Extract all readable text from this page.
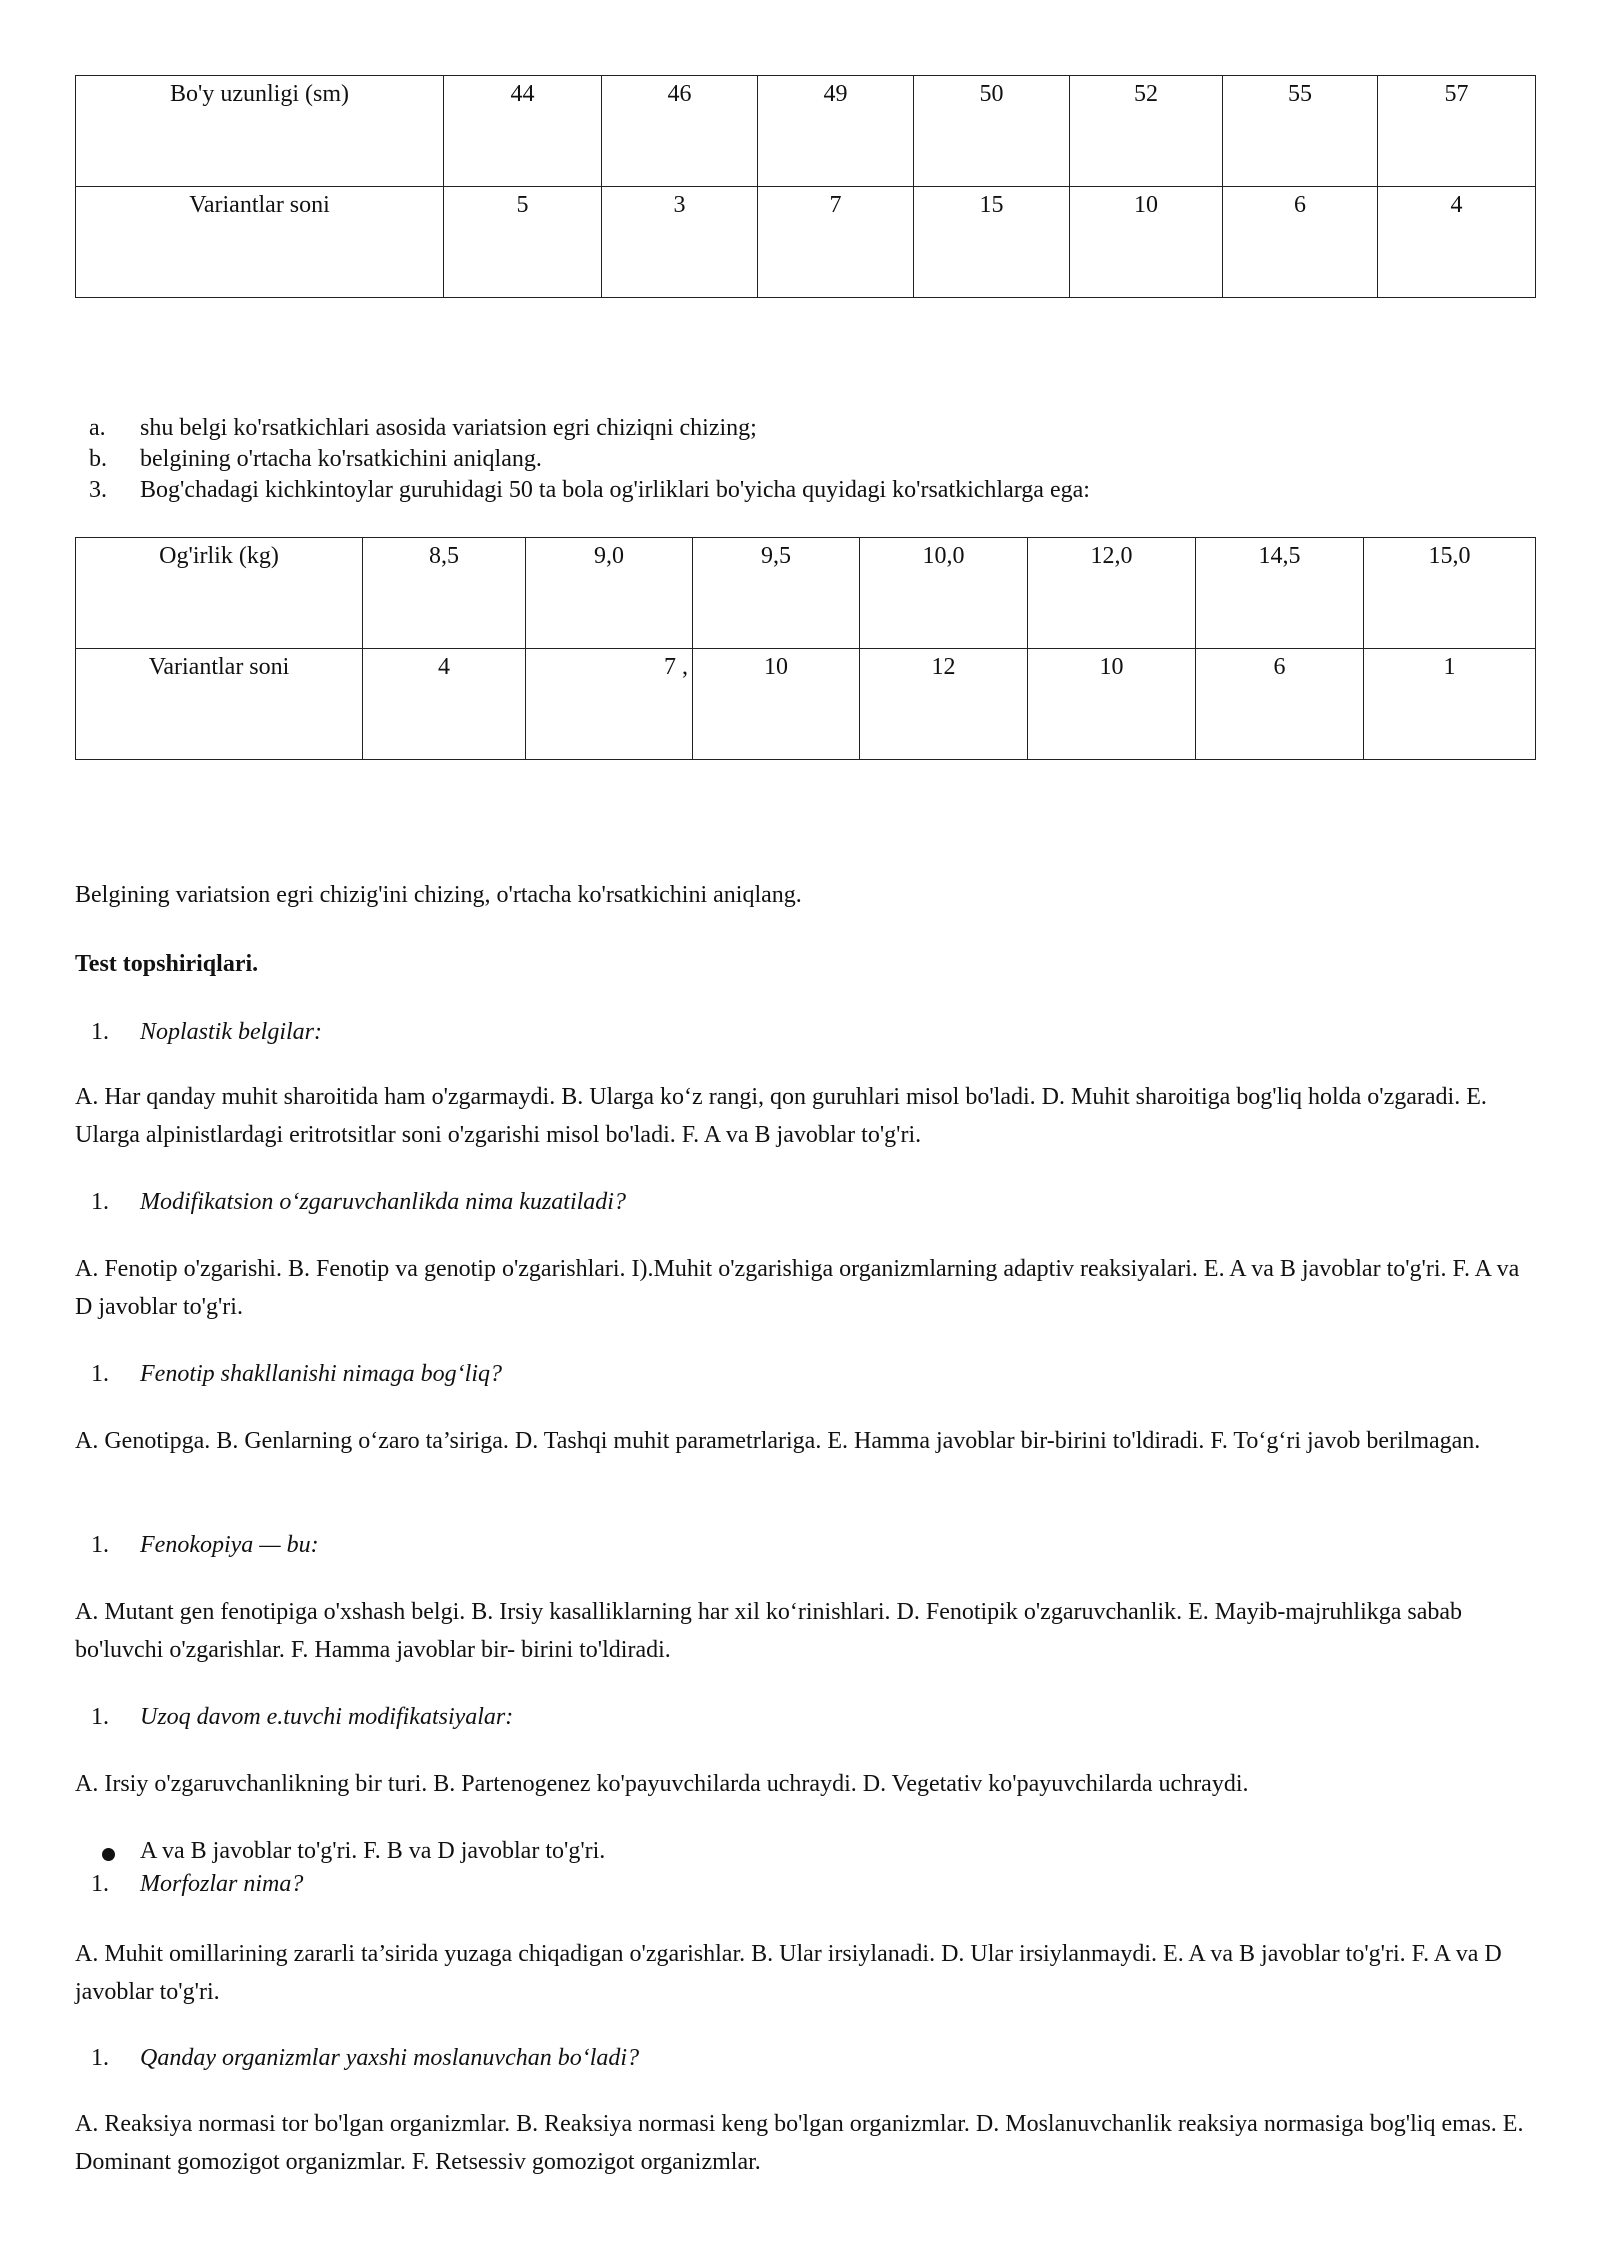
Bo'y uzunligi (sm)	44	46	49	50	52	55	57

Variantlar soni	5	3	7	15	10	6	4
a.	shu belgi ko'rsatkichlari asosida variatsion egri chiziqni chizing;
b.	belgining o'rtacha ko'rsatkichini aniqlang.
3.	Bog'chadagi kichkintoylar guruhidagi 50 ta bola og'irliklari bo'yicha quyidagi ko'rsatkichlarga ega:
Og'irlik (kg)	8,5	9,0	9,5	10,0	12,0	14,5	15,0

Variantlar soni	4	7 ,	10	12	10	6	1

Belgining variatsion egri chizig'ini chizing, o'rtacha ko'rsatkichini aniqlang.

Test topshiriqlari.

1. Noplastik belgilar:

A. Har qanday muhit sharoitida ham o'zgarmaydi. B. Ularga ko‘z rangi, qon guruhlari misol bo'ladi. D. Muhit sharoitiga bog'liq holda o'zgaradi. E. Ularga alpinistlardagi eritrotsitlar soni o'zgarishi misol bo'ladi. F. A va B javoblar to'g'ri.

1. Modifikatsion o‘zgaruvchanlikda nima kuzatiladi?

A. Fenotip o'zgarishi. B. Fenotip va genotip o'zgarishlari. I).Muhit o'zgarishiga organizmlarning adaptiv reaksiyalari. E. A va B javoblar to'g'ri. F. A va D javoblar to'g'ri.

1. Fenotip shakllanishi nimaga bog‘liq?

A. Genotipga. B. Genlarning o‘zaro ta’siriga. D. Tashqi muhit parametrlariga. E. Hamma javoblar bir-birini to'ldiradi. F. To‘g‘ri javob berilmagan.

1. Fenokopiya — bu:

A. Mutant gen fenotipiga o'xshash belgi. B. Irsiy kasalliklarning har xil ko‘rinishlari. D. Fenotipik o'zgaruvchanlik. E. Mayib-majruhlikga sabab bo'luvchi o'zgarishlar. F. Hamma javoblar bir- birini to'ldiradi.

1. Uzoq davom e.tuvchi modifikatsiyalar:

A. Irsiy o'zgaruvchanlikning bir turi. B. Partenogenez ko'payuvchilarda uchraydi. D. Vegetativ ko'payuvchilarda uchraydi.

A va B javoblar to'g'ri. F. B va D javoblar to'g'ri.

1. Morfozlar nima?

A. Muhit omillarining zararli ta’sirida yuzaga chiqadigan o'zgarishlar. B. Ular irsiylanadi. D. Ular irsiylanmaydi. E. A va B javoblar to'g'ri. F. A va D javoblar to'g'ri.

1. Qanday organizmlar yaxshi moslanuvchan bo‘ladi?

A. Reaksiya normasi tor bo'lgan organizmlar. B. Reaksiya normasi keng bo'lgan organizmlar. D. Moslanuvchanlik reaksiya normasiga bog'liq emas. E. Dominant gomozigot organizmlar. F. Retsessiv gomozigot organizmlar.
